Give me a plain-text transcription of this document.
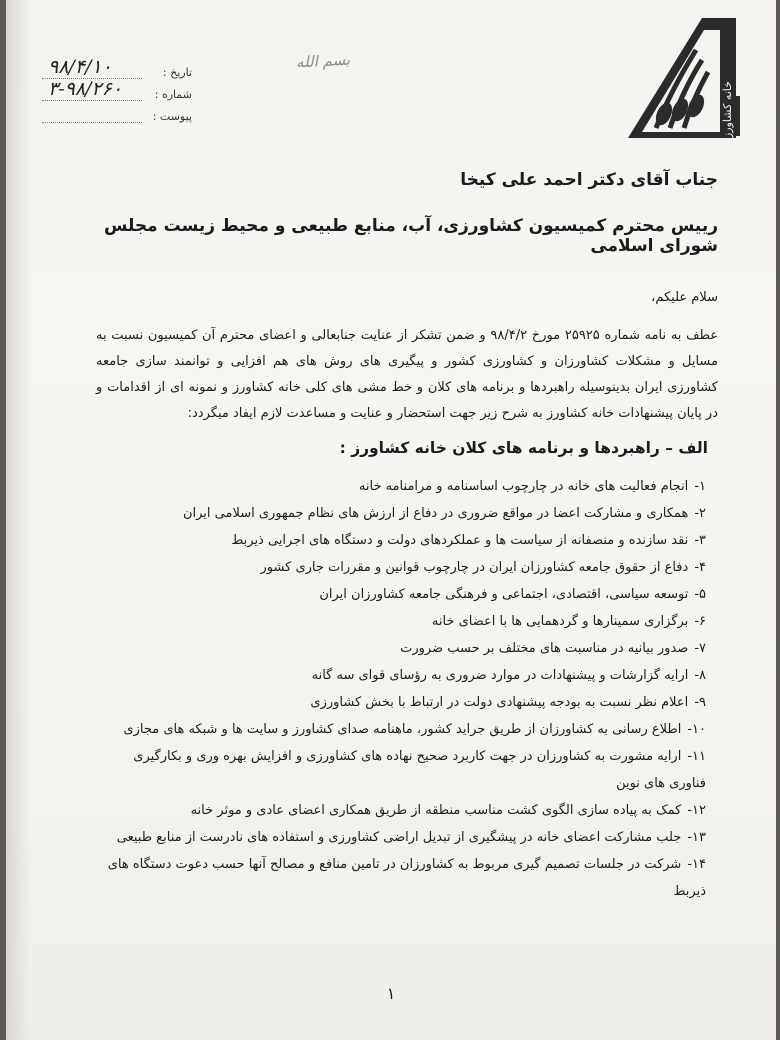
خانه کشاورز
تاریخ :
۹۸/۴/۱۰
شماره :
۳-۹۸/۲۶۰
پیوست :
بسم الله
جناب آقای دکتر احمد علی کیخا
رییس محترم کمیسیون کشاورزی، آب، منابع طبیعی و محیط زیست مجلس شورای اسلامی

سلام علیکم،

عطف به نامه شماره ۲۵۹۲۵ مورخ ۹۸/۴/۲ و ضمن تشکر از عنایت جنابعالی و اعضای محترم آن کمیسیون نسبت به مسایل و مشکلات کشاورزان و کشاورزی کشور و پیگیری های روش های هم افزایی و توانمند سازی جامعه کشاورزی ایران بدینوسیله راهبردها و برنامه های کلان و خط مشی های کلی خانه کشاورز و نمونه ای از اقدامات و در پایان پیشنهادات خانه کشاورز به شرح زیر جهت استحضار و عنایت و مساعدت لازم ایفاد میگردد:

الف – راهبردها و برنامه های کلان خانه کشاورز :
۱-انجام فعالیت های خانه در چارچوب اساسنامه و مرامنامه خانه
۲-همکاری و مشارکت اعضا در مواقع ضروری در دفاع از ارزش های نظام جمهوری اسلامی ایران
۳-نقد سازنده و منصفانه از سیاست ها و عملکردهای دولت و دستگاه های اجرایی ذیربط
۴-دفاع از حقوق جامعه کشاورزان ایران در چارچوب قوانین و مقررات جاری کشور
۵-توسعه سیاسی، اقتصادی، اجتماعی و فرهنگی جامعه کشاورزان ایران
۶-برگزاری سمینارها و گردهمایی ها با اعضای خانه
۷-صدور بیانیه در مناسبت های مختلف بر حسب ضرورت
۸-ارایه گزارشات و پیشنهادات در موارد ضروری به رؤسای قوای سه گانه
۹-اعلام نظر نسبت به بودجه پیشنهادی دولت در ارتباط با بخش کشاورزی
۱۰-اطلاع رسانی به کشاورزان از طریق جراید کشور، ماهنامه صدای کشاورز و سایت ها و شبکه های مجازی
۱۱-ارایه مشورت به کشاورزان در جهت کاربرد صحیح نهاده های کشاورزی و افزایش بهره وری و بکارگیری فناوری های نوین
۱۲-کمک به پیاده سازی الگوی کشت مناسب منطقه از طریق همکاری اعضای عادی و موثر خانه
۱۳-جلب مشارکت اعضای خانه در پیشگیری از تبدیل اراضی کشاورزی و استفاده های نادرست از منابع طبیعی
۱۴-شرکت در جلسات تصمیم گیری مربوط به کشاورزان در تامین منافع و مصالح آنها حسب دعوت دستگاه های ذیربط
۱
